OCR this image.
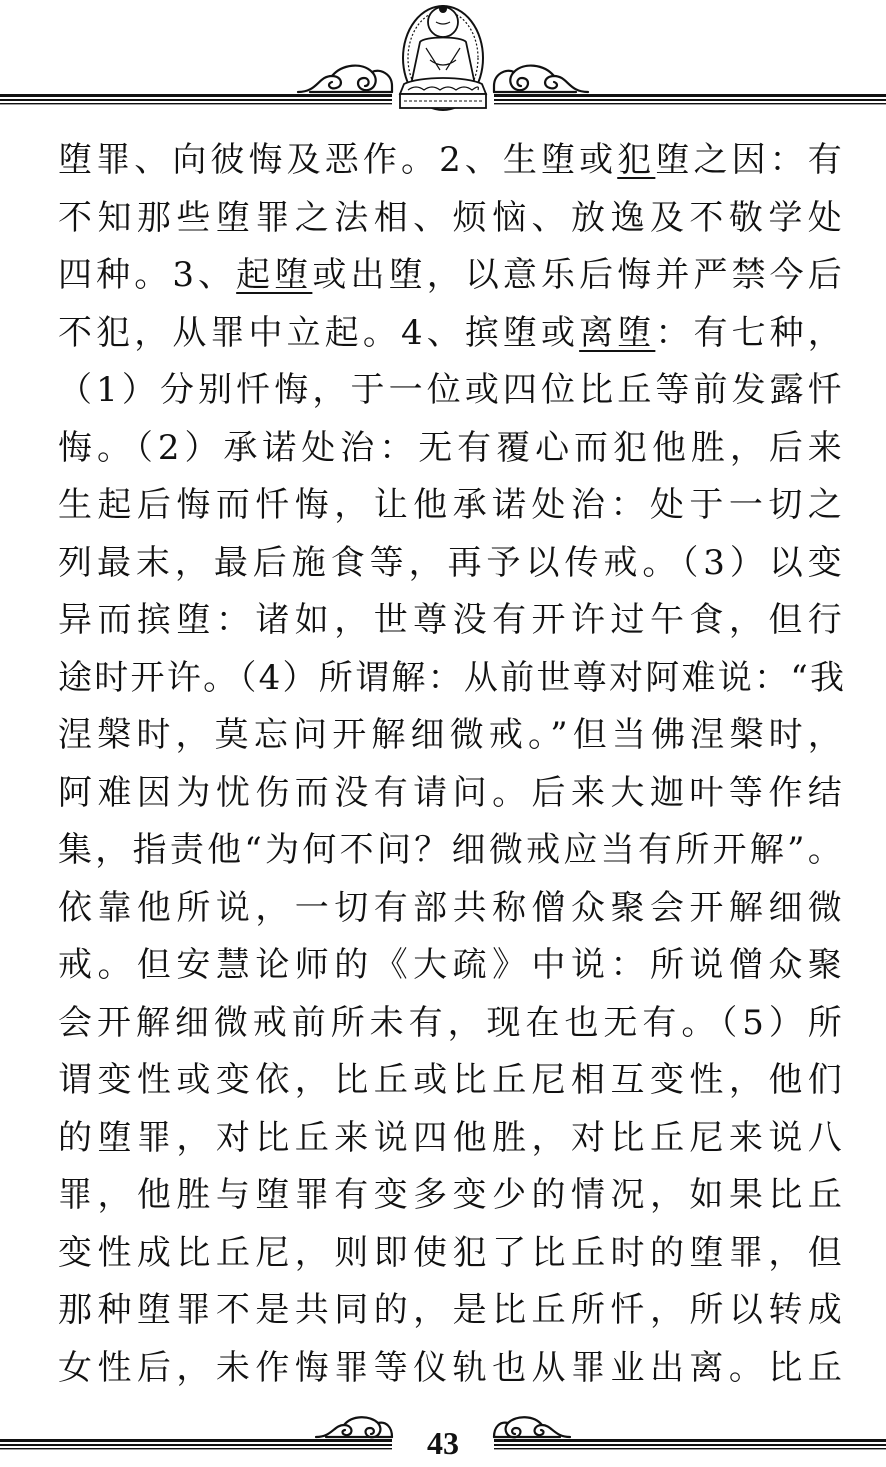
堕罪、向彼悔及恶作。2、生堕或犯堕之因：有
不知那些堕罪之法相、烦恼、放逸及不敬学处
四种。3、起堕或出堕，以意乐后悔并严禁今后
不犯，从罪中立起。4、摈堕或离堕：有七种，
（1）分别忏悔，于一位或四位比丘等前发露忏
悔。（2）承诺处治：无有覆心而犯他胜，后来
生起后悔而忏悔，让他承诺处治：处于一切之
列最末，最后施食等，再予以传戒。（3）以变
异而摈堕：诸如，世尊没有开许过午食，但行
途时开许。（4）所谓解：从前世尊对阿难说：“我
涅槃时，莫忘问开解细微戒。”但当佛涅槃时，
阿难因为忧伤而没有请问。后来大迦叶等作结
集，指责他“为何不问？细微戒应当有所开解”。
依靠他所说，一切有部共称僧众聚会开解细微
戒。但安慧论师的《大疏》中说：所说僧众聚
会开解细微戒前所未有，现在也无有。（5）所
谓变性或变依，比丘或比丘尼相互变性，他们
的堕罪，对比丘来说四他胜，对比丘尼来说八
罪，他胜与堕罪有变多变少的情况，如果比丘
变性成比丘尼，则即使犯了比丘时的堕罪，但
那种堕罪不是共同的，是比丘所忏，所以转成
女性后，未作悔罪等仪轨也从罪业出离。比丘
43
